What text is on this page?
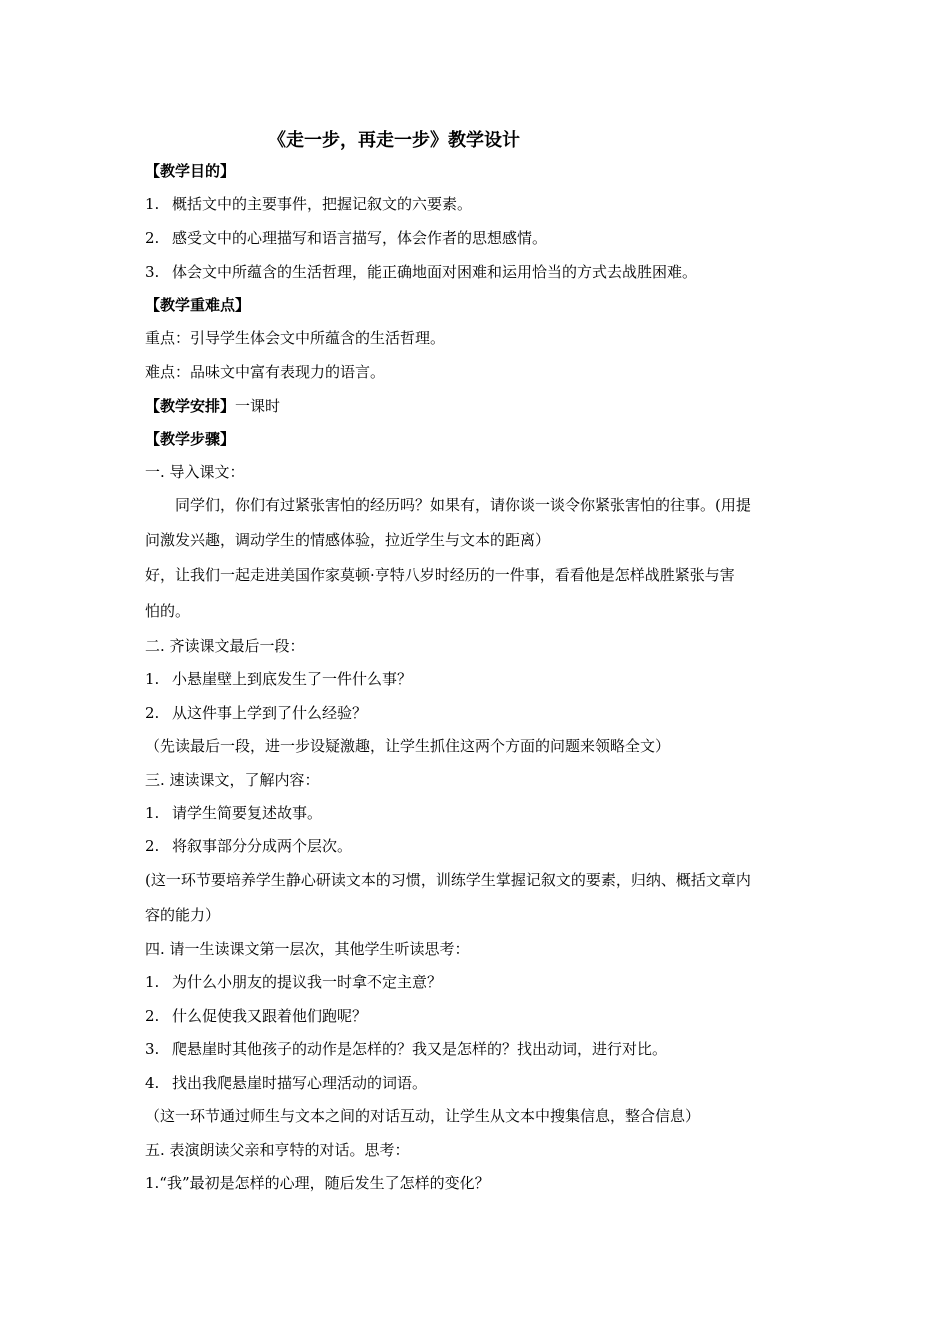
《走一步，再走一步》教学设计
【教学目的】
1. 概括文中的主要事件，把握记叙文的六要素。
2. 感受文中的心理描写和语言描写，体会作者的思想感情。
3. 体会文中所蕴含的生活哲理，能正确地面对困难和运用恰当的方式去战胜困难。
【教学重难点】
重点：引导学生体会文中所蕴含的生活哲理。
难点：品味文中富有表现力的语言。
【教学安排】一课时
【教学步骤】
一. 导入课文：
同学们，你们有过紧张害怕的经历吗？如果有，请你谈一谈令你紧张害怕的往事。(用提
问激发兴趣，调动学生的情感体验，拉近学生与文本的距离）
好，让我们一起走进美国作家莫顿·亨特八岁时经历的一件事，看看他是怎样战胜紧张与害
怕的。
二. 齐读课文最后一段：
1. 小悬崖壁上到底发生了一件什么事？
2. 从这件事上学到了什么经验？
（先读最后一段，进一步设疑激趣，让学生抓住这两个方面的问题来领略全文）
三. 速读课文，了解内容：
1. 请学生简要复述故事。
2. 将叙事部分分成两个层次。
(这一环节要培养学生静心研读文本的习惯，训练学生掌握记叙文的要素，归纳、概括文章内
容的能力）
四. 请一生读课文第一层次，其他学生听读思考：
1. 为什么小朋友的提议我一时拿不定主意？
2. 什么促使我又跟着他们跑呢？
3. 爬悬崖时其他孩子的动作是怎样的？我又是怎样的？找出动词，进行对比。
4. 找出我爬悬崖时描写心理活动的词语。
（这一环节通过师生与文本之间的对话互动，让学生从文本中搜集信息，整合信息）
五. 表演朗读父亲和亨特的对话。思考：
1.“我”最初是怎样的心理，随后发生了怎样的变化？
